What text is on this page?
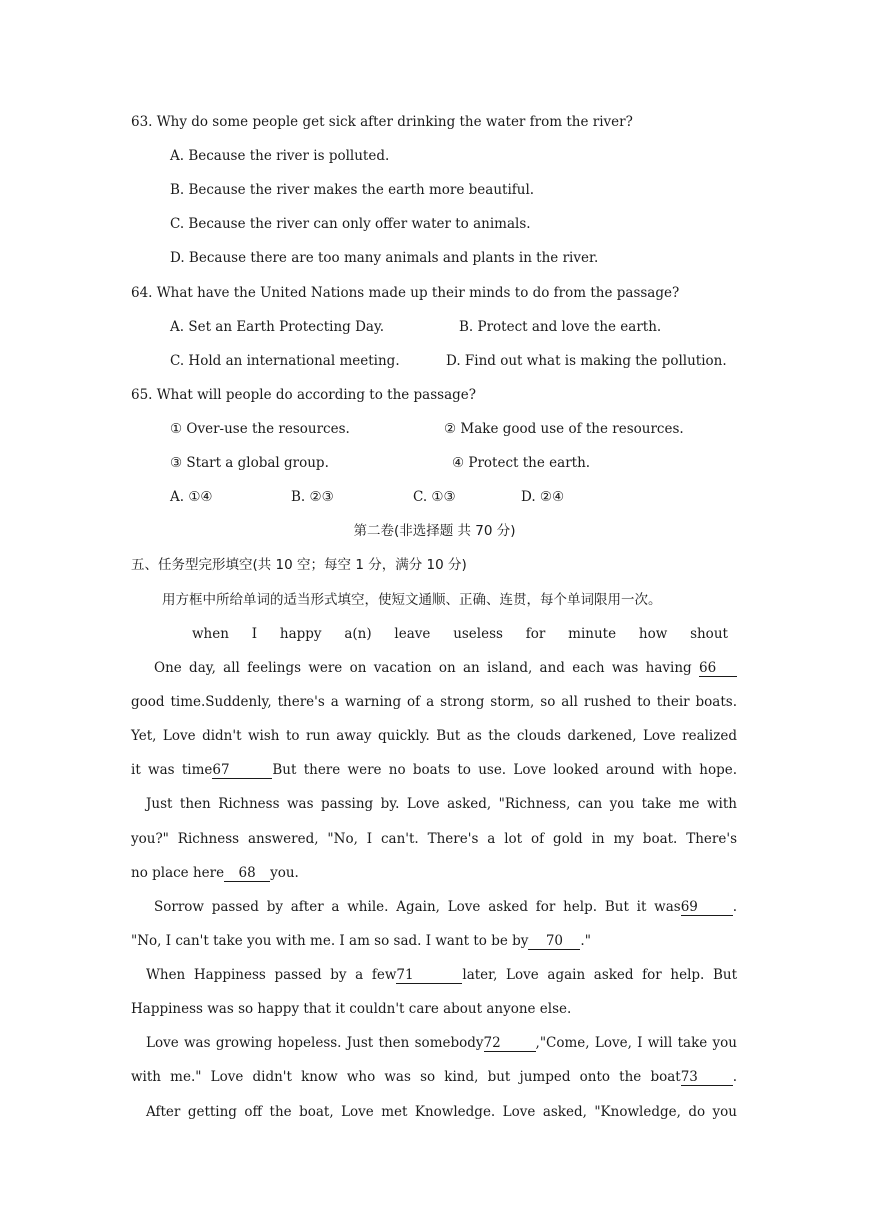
63. Why do some people get sick after drinking the water from the river?
A. Because the river is polluted.
B. Because the river makes the earth more beautiful.
C. Because the river can only offer water to animals.
D. Because there are too many animals and plants in the river.
64. What have the United Nations made up their minds to do from the passage?
A. Set an Earth Protecting Day.	B. Protect and love the earth.
C. Hold an international meeting.	D. Find out what is making the pollution.
65. What will people do according to the passage?
① Over-use the resources.	② Make good use of the resources.
③ Start a global group.	④ Protect the earth.
A. ①④	B. ②③	C. ①③	D. ②④
第二卷(非选择题 共 70 分)
五、任务型完形填空(共 10 空；每空 1 分，满分 10 分)
用方框中所给单词的适当形式填空，使短文通顺、正确、连贯，每个单词限用一次。
when I happy a(n) leave useless for minute how shout
One day, all feelings were on vacation on an island, and each was having 66
good time.Suddenly, there's a warning of a strong storm, so all rushed to their boats.
Yet, Love didn't wish to run away quickly. But as the clouds darkened, Love realized
it was time67	But there were no boats to use. Love looked around with hope.
Just then Richness was passing by. Love asked, "Richness, can you take me with
you?" Richness answered, "No, I can't. There's a lot of gold in my boat. There's
no place here 68 you.
Sorrow passed by after a while. Again, Love asked for help. But it was69	.
"No, I can't take you with me. I am so sad. I want to be by 70 ."
When Happiness passed by a few71	later, Love again asked for help. But
Happiness was so happy that it couldn't care about anyone else.
Love was growing hopeless. Just then somebody72	,"Come, Love, I will take you
with me." Love didn't know who was so kind, but jumped onto the boat73	.
After getting off the boat, Love met Knowledge. Love asked, "Knowledge, do you
